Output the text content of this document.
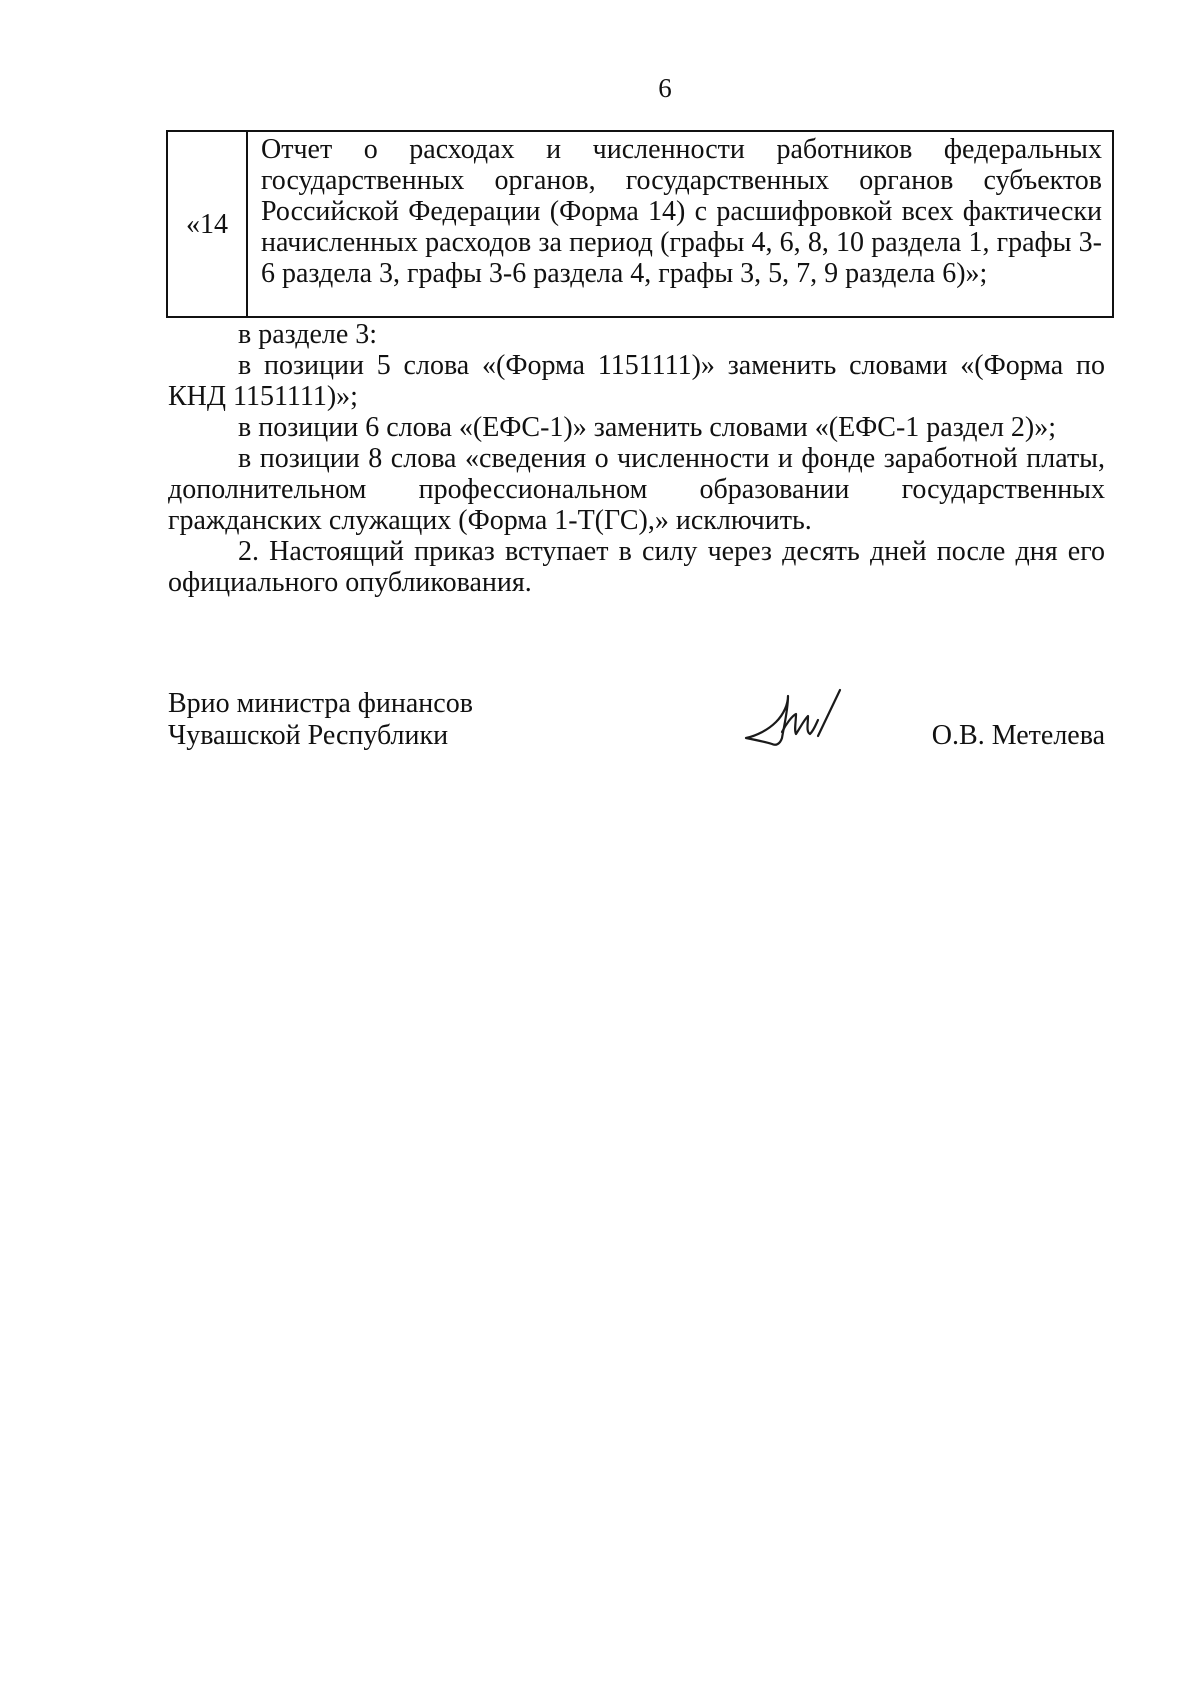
6
«14
Отчет о расходах и численности работников федеральных государственных органов, государственных органов субъектов Российской Федерации (Форма 14) с расшифровкой всех фактически начисленных расходов за период (графы 4, 6, 8, 10 раздела 1, графы 3-6 раздела 3, графы 3-6 раздела 4, графы 3, 5, 7, 9 раздела 6)»;

в разделе 3:

в позиции 5 слова «(Форма 1151111)» заменить словами «(Форма по КНД 1151111)»;

в позиции 6 слова «(ЕФС-1)» заменить словами «(ЕФС-1 раздел 2)»;

в позиции 8 слова «сведения о численности и фонде заработной платы, дополнительном профессиональном образовании государственных гражданских служащих (Форма 1-Т(ГС),» исключить.

2. Настоящий приказ вступает в силу через десять дней после дня его официального опубликования.

Врио министра финансов
Чувашской Республики	О.В. Метелева
